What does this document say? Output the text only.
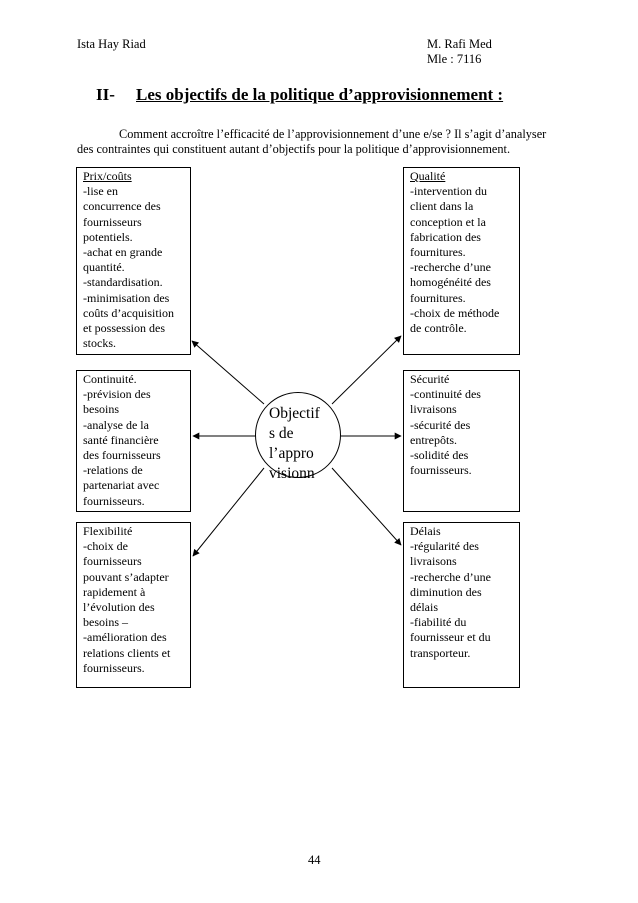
Ista Hay Riad	M. Rafi Med
Mle : 7116
II- Les objectifs de la politique d’approvisionnement :
Comment accroître l’efficacité de l’approvisionnement d’une e/se ? Il s’agit d’analyser
des contraintes qui constituent autant d’objectifs pour la politique d’approvisionnement.
Prix/coûts
-lise en
concurrence des
fournisseurs
potentiels.
-achat en grande
quantité.
-standardisation.
-minimisation des
coûts d’acquisition
et possession des
stocks.
Qualité
-intervention du
client dans la
conception et la
fabrication des
fournitures.
-recherche d’une
homogénéité des
fournitures.
-choix de méthode
de contrôle.
Continuité.
-prévision des
besoins
-analyse de la
santé financière
des fournisseurs
-relations de
partenariat avec
fournisseurs.
Sécurité
-continuité des
livraisons
-sécurité des
entrepôts.
-solidité des
fournisseurs.
Flexibilité
-choix de
fournisseurs
pouvant s’adapter
rapidement à
l’évolution des
besoins –
-amélioration des
relations clients et
fournisseurs.
Délais
-régularité des
livraisons
-recherche d’une
diminution des
délais
-fiabilité du
fournisseur et du
transporteur.
Objectif
s de
l’appro
visionn
44
